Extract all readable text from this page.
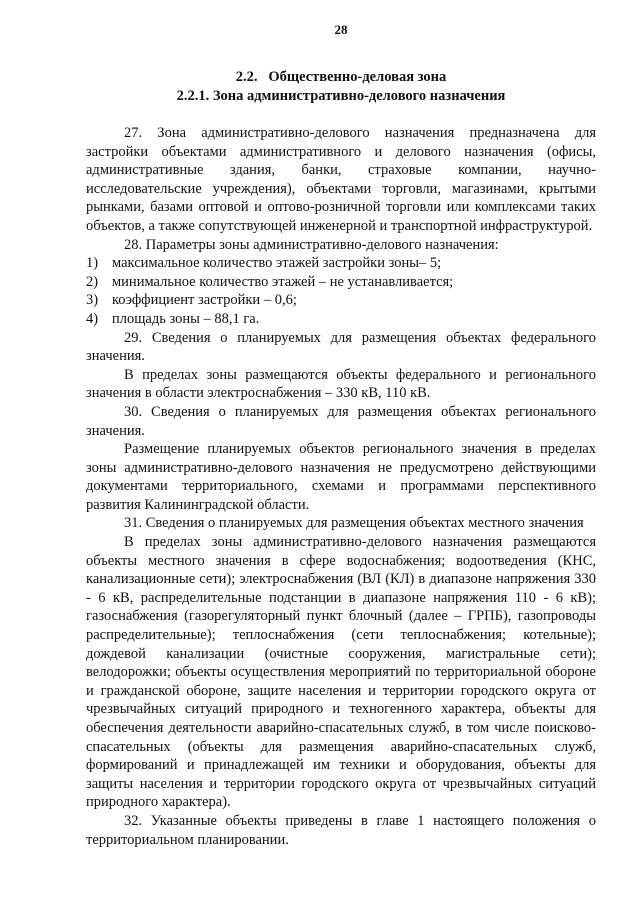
28
2.2.   Общественно-деловая зона
2.2.1. Зона административно-делового назначения

27. Зона административно-делового назначения предназначена для застройки объектами административного и делового назначения (офисы, административные здания, банки, страховые компании, научно-исследовательские учреждения), объектами торговли, магазинами, крытыми рынками, базами оптовой и оптово-розничной торговли или комплексами таких объектов, а также сопутствующей инженерной и транспортной инфраструктурой.

28. Параметры зоны административно-делового назначения:

1) максимальное количество этажей застройки зоны– 5;

2) минимальное количество этажей – не устанавливается;

3) коэффициент застройки – 0,6;

4) площадь зоны – 88,1 га.

29. Сведения о планируемых для размещения объектах федерального значения.

В пределах зоны размещаются объекты федерального и регионального значения в области электроснабжения – 330 кВ, 110 кВ.

30. Сведения о планируемых для размещения объектах регионального значения.

Размещение планируемых объектов регионального значения в пределах зоны административно-делового назначения не предусмотрено действующими документами территориального, схемами и программами перспективного развития Калининградской области.

31. Сведения о планируемых для размещения объектах местного значения

В пределах зоны административно-делового назначения размещаются объекты местного значения в сфере водоснабжения; водоотведения (КНС, канализационные сети); электроснабжения (ВЛ (КЛ) в диапазоне напряжения 330 - 6 кВ, распределительные подстанции в диапазоне напряжения 110 - 6 кВ); газоснабжения (газорегуляторный пункт блочный (далее – ГРПБ), газопроводы распределительные); теплоснабжения (сети теплоснабжения; котельные); дождевой канализации (очистные сооружения, магистральные сети); велодорожки; объекты осуществления мероприятий по территориальной обороне и гражданской обороне, защите населения и территории городского округа от чрезвычайных ситуаций природного и техногенного характера, объекты для обеспечения деятельности аварийно-спасательных служб, в том числе поисково-спасательных (объекты для размещения аварийно-спасательных служб, формирований и принадлежащей им техники и оборудования, объекты для защиты населения и территории городского округа от чрезвычайных ситуаций природного характера).

32. Указанные объекты приведены в главе 1 настоящего положения о территориальном планировании.
